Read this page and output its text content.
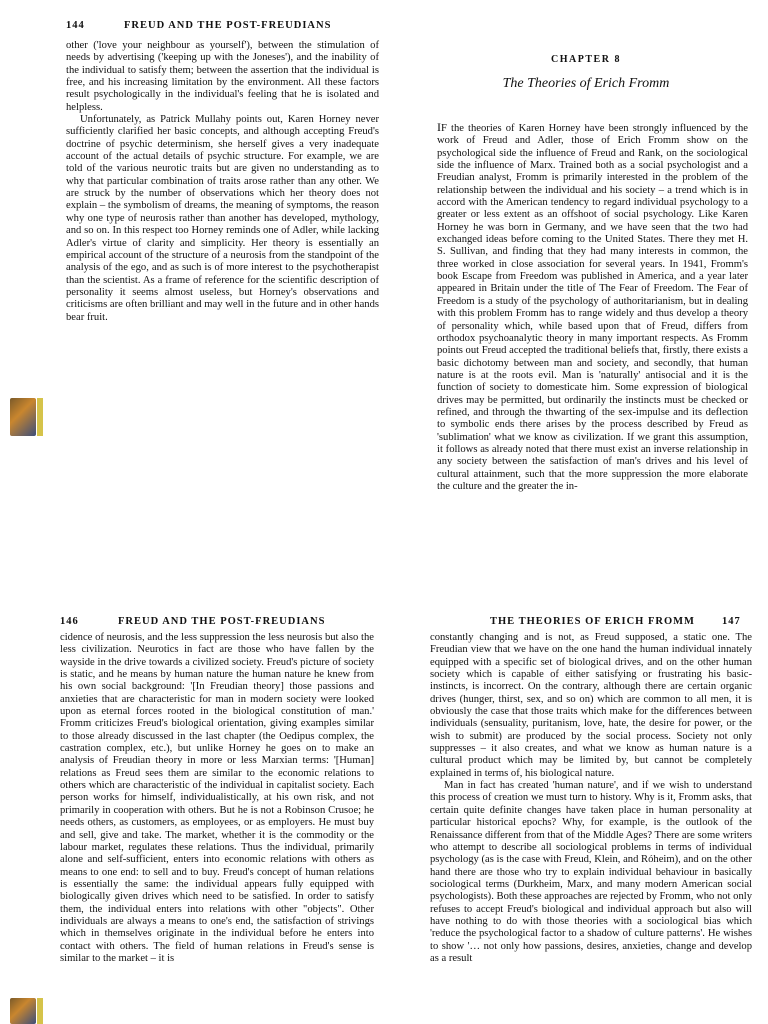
144	FREUD AND THE POST-FREUDIANS

other ('love your neighbour as yourself'), between the stimulation of needs by advertising ('keeping up with the Joneses'), and the inability of the individual to satisfy them; between the assertion that the individual is free, and his increasing limitation by the environment. All these factors result psychologically in the individual's feeling that he is isolated and helpless.

Unfortunately, as Patrick Mullahy points out, Karen Horney never sufficiently clarified her basic concepts, and although accepting Freud's doctrine of psychic determinism, she herself gives a very inadequate account of the actual details of psychic structure. For example, we are told of the various neurotic traits but are given no understanding as to why that particular combination of traits arose rather than any other. We are struck by the number of observations which her theory does not explain – the symbolism of dreams, the meaning of symptoms, the reason why one type of neurosis rather than another has developed, mythology, and so on. In this respect too Horney reminds one of Adler, while lacking Adler's virtue of clarity and simplicity. Her theory is essentially an empirical account of the structure of a neurosis from the standpoint of the analysis of the ego, and as such is of more interest to the psychotherapist than the scientist. As a frame of reference for the scientific description of personality it seems almost useless, but Horney's observations and criticisms are often brilliant and may well in the future and in other hands bear fruit.

CHAPTER 8
The Theories of Erich Fromm

IF the theories of Karen Horney have been strongly influenced by the work of Freud and Adler, those of Erich Fromm show on the psychological side the influence of Freud and Rank, on the sociological side the influence of Marx. Trained both as a social psychologist and a Freudian analyst, Fromm is primarily interested in the problem of the relationship between the individual and his society – a trend which is in accord with the American tendency to regard individual psychology to a greater or less extent as an offshoot of social psychology. Like Karen Horney he was born in Germany, and we have seen that the two had exchanged ideas before coming to the United States. There they met H. S. Sullivan, and finding that they had many interests in common, the three worked in close association for several years. In 1941, Fromm's book Escape from Freedom was published in America, and a year later appeared in Britain under the title of The Fear of Freedom. The Fear of Freedom is a study of the psychology of authoritarianism, but in dealing with this problem Fromm has to range widely and thus develop a theory of personality which, while based upon that of Freud, differs from orthodox psychoanalytic theory in many important respects. As Fromm points out Freud accepted the traditional beliefs that, firstly, there exists a basic dichotomy between man and society, and secondly, that human nature is at the roots evil. Man is 'naturally' antisocial and it is the function of society to domesticate him. Some expression of biological drives may be permitted, but ordinarily the instincts must be checked or refined, and through the thwarting of the sex-impulse and its deflection to symbolic ends there arises by the process described by Freud as 'sublimation' what we know as civilization. If we grant this assumption, it follows as already noted that there must exist an inverse relationship in any society between the satisfaction of man's drives and his level of cultural attainment, such that the more suppression the more elaborate the culture and the greater the in-

146	FREUD AND THE POST-FREUDIANS

cidence of neurosis, and the less suppression the less neurosis but also the less civilization. Neurotics in fact are those who have fallen by the wayside in the drive towards a civilized society. Freud's picture of society is static, and he means by human nature the human nature he knew from his own social background: '[In Freudian theory] those passions and anxieties that are characteristic for man in modern society were looked upon as eternal forces rooted in the biological constitution of man.' Fromm criticizes Freud's biological orientation, giving examples similar to those already discussed in the last chapter (the Oedipus complex, the castration complex, etc.), but unlike Horney he goes on to make an analysis of Freudian theory in more or less Marxian terms: '[Human] relations as Freud sees them are similar to the economic relations to others which are characteristic of the individual in capitalist society. Each person works for himself, individualistically, at his own risk, and not primarily in cooperation with others. But he is not a Robinson Crusoe; he needs others, as customers, as employees, or as employers. He must buy and sell, give and take. The market, whether it is the commodity or the labour market, regulates these relations. Thus the individual, primarily alone and self-sufficient, enters into economic relations with others as means to one end: to sell and to buy. Freud's concept of human relations is essentially the same: the individual appears fully equipped with biologically given drives which need to be satisfied. In order to satisfy them, the individual enters into relations with other "objects". Other individuals are always a means to one's end, the satisfaction of strivings which in themselves originate in the individual before he enters into contact with others. The field of human relations in Freud's sense is similar to the market – it is

THE THEORIES OF ERICH FROMM	147

constantly changing and is not, as Freud supposed, a static one. The Freudian view that we have on the one hand the human individual innately equipped with a specific set of biological drives, and on the other human society which is capable of either satisfying or frustrating his basic-instincts, is incorrect. On the contrary, although there are certain organic drives (hunger, thirst, sex, and so on) which are common to all men, it is obviously the case that those traits which make for the differences between individuals (sensuality, puritanism, love, hate, the desire for power, or the wish to submit) are produced by the social process. Society not only suppresses – it also creates, and what we know as human nature is a cultural product which may be limited by, but cannot be completely explained in terms of, his biological nature.

Man in fact has created 'human nature', and if we wish to understand this process of creation we must turn to history. Why is it, Fromm asks, that certain quite definite changes have taken place in human personality at particular historical epochs? Why, for example, is the outlook of the Renaissance different from that of the Middle Ages? There are some writers who attempt to describe all sociological problems in terms of individual psychology (as is the case with Freud, Klein, and Róheim), and on the other hand there are those who try to explain individual behaviour in basically sociological terms (Durkheim, Marx, and many modern American social psychologists). Both these approaches are rejected by Fromm, who not only refuses to accept Freud's biological and individual approach but also will have nothing to do with those theories with a sociological bias which 'reduce the psychological factor to a shadow of culture patterns'. He wishes to show '… not only how passions, desires, anxieties, change and develop as a result
